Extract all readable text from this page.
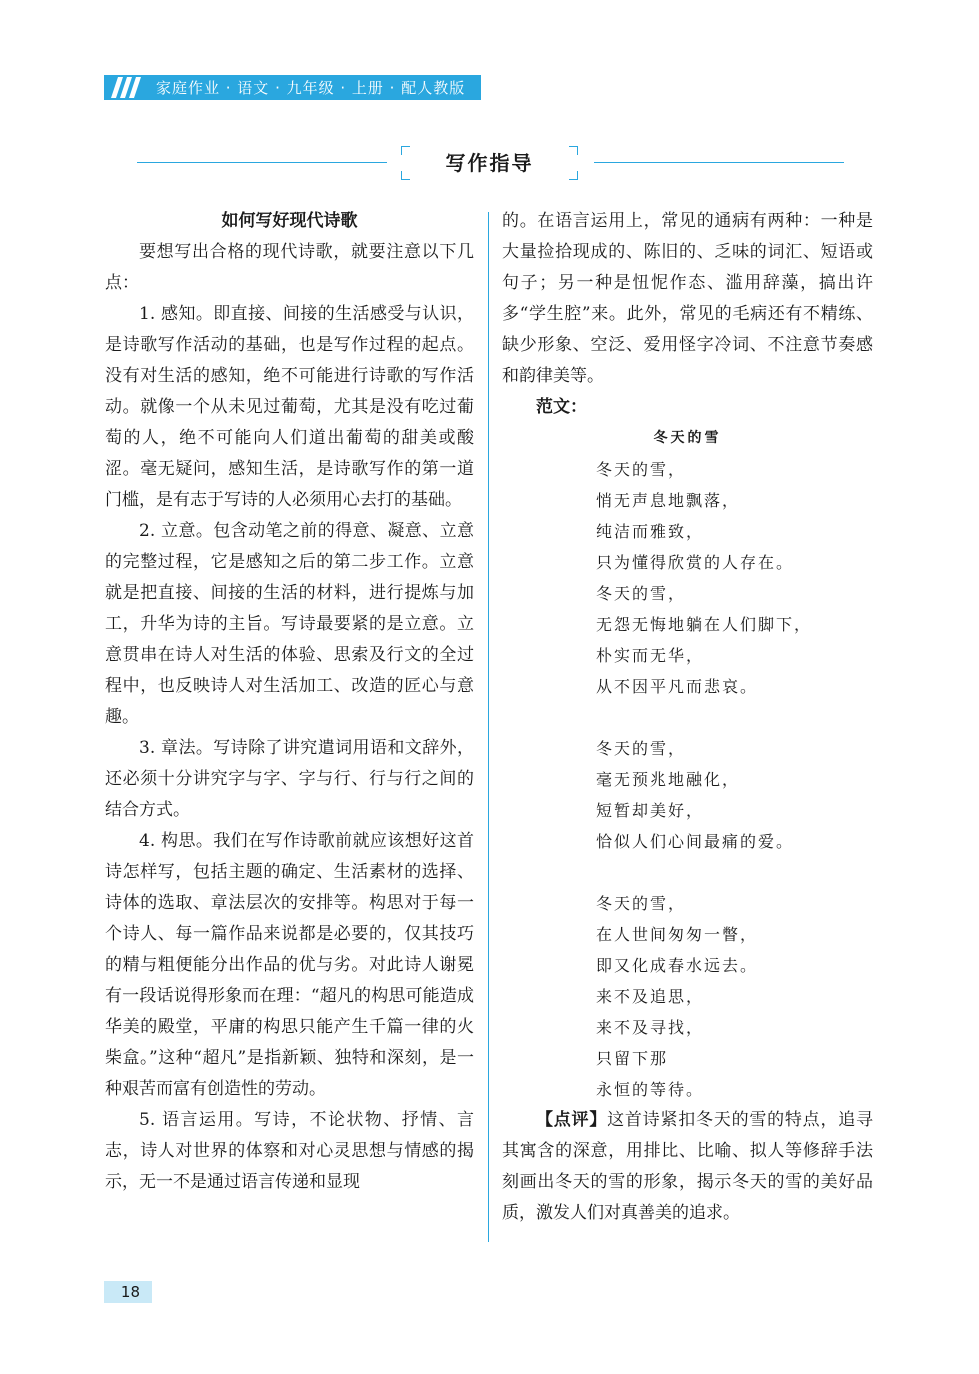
家庭作业 · 语文 · 九年级 · 上册 · 配人教版
写作指导

如何写好现代诗歌

要想写出合格的现代诗歌，就要注意以下几点：

1. 感知。即直接、间接的生活感受与认识，是诗歌写作活动的基础，也是写作过程的起点。没有对生活的感知，绝不可能进行诗歌的写作活动。就像一个从未见过葡萄，尤其是没有吃过葡萄的人，绝不可能向人们道出葡萄的甜美或酸涩。毫无疑问，感知生活，是诗歌写作的第一道门槛，是有志于写诗的人必须用心去打的基础。

2. 立意。包含动笔之前的得意、凝意、立意的完整过程，它是感知之后的第二步工作。立意就是把直接、间接的生活的材料，进行提炼与加工，升华为诗的主旨。写诗最要紧的是立意。立意贯串在诗人对生活的体验、思索及行文的全过程中，也反映诗人对生活加工、改造的匠心与意趣。

3. 章法。写诗除了讲究遣词用语和文辞外，还必须十分讲究字与字、字与行、行与行之间的结合方式。

4. 构思。我们在写作诗歌前就应该想好这首诗怎样写，包括主题的确定、生活素材的选择、诗体的选取、章法层次的安排等。构思对于每一个诗人、每一篇作品来说都是必要的，仅其技巧的精与粗便能分出作品的优与劣。对此诗人谢冕有一段话说得形象而在理：“超凡的构思可能造成华美的殿堂，平庸的构思只能产生千篇一律的火柴盒。”这种“超凡”是指新颖、独特和深刻，是一种艰苦而富有创造性的劳动。

5. 语言运用。写诗，不论状物、抒情、言志，诗人对世界的体察和对心灵思想与情感的揭示，无一不是通过语言传递和显现

的。在语言运用上，常见的通病有两种：一种是大量捡拾现成的、陈旧的、乏味的词汇、短语或句子；另一种是忸怩作态、滥用辞藻，搞出许多“学生腔”来。此外，常见的毛病还有不精练、缺少形象、空泛、爱用怪字冷词、不注意节奏感和韵律美等。

范文：

冬天的雪

冬天的雪，
悄无声息地飘落，
纯洁而雅致，
只为懂得欣赏的人存在。
冬天的雪，
无怨无悔地躺在人们脚下，
朴实而无华，
从不因平凡而悲哀。
冬天的雪，
毫无预兆地融化，
短暂却美好，
恰似人们心间最痛的爱。
冬天的雪，
在人世间匆匆一瞥，
即又化成春水远去。
来不及追思，
来不及寻找，
只留下那
永恒的等待。

【点评】这首诗紧扣冬天的雪的特点，追寻其寓含的深意，用排比、比喻、拟人等修辞手法刻画出冬天的雪的形象，揭示冬天的雪的美好品质，激发人们对真善美的追求。

18
